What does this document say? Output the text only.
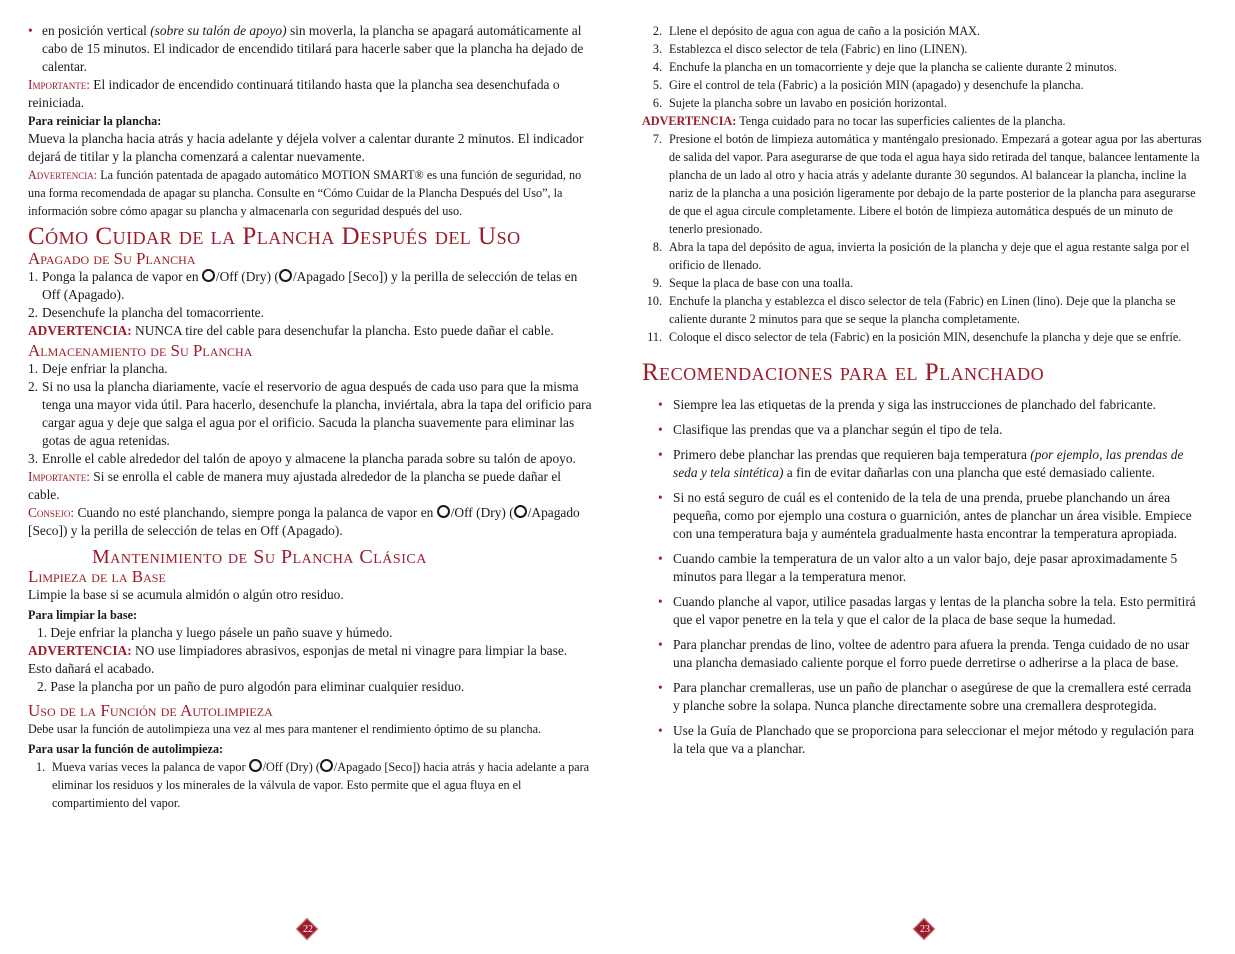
• en posición vertical (sobre su talón de apoyo) sin moverla, la plancha se apagará automáticamente al cabo de 15 minutos. El indicador de encendido titilará para hacerle saber que la plancha ha dejado de calentar.

Importante: El indicador de encendido continuará titilando hasta que la plancha sea desenchufada o reiniciada.

Para reiniciar la plancha:

Mueva la plancha hacia atrás y hacia adelante y déjela volver a calentar durante 2 minutos. El indicador dejará de titilar y la plancha comenzará a calentar nuevamente.

Advertencia: La función patentada de apagado automático MOTION SMART® es una función de seguridad, no una forma recomendada de apagar su plancha. Consulte en “Cómo Cuidar de la Plancha Después del Uso”, la información sobre cómo apagar su plancha y almacenarla con seguridad después del uso.

Cómo Cuidar de la Plancha Después del Uso

Apagado de Su Plancha

1. Ponga la palanca de vapor en /Off (Dry) ( /Apagado [Seco]) y la perilla de selección de telas en Off (Apagado).

2. Desenchufe la plancha del tomacorriente.

ADVERTENCIA: NUNCA tire del cable para desenchufar la plancha. Esto puede dañar el cable.

Almacenamiento de Su Plancha

1. Deje enfriar la plancha.

2. Si no usa la plancha diariamente, vacíe el reservorio de agua después de cada uso para que la misma tenga una mayor vida útil. Para hacerlo, desenchufe la plancha, inviértala, abra la tapa del orificio para cargar agua y deje que salga el agua por el orificio. Sacuda la plancha suavemente para eliminar las gotas de agua retenidas.

3. Enrolle el cable alrededor del talón de apoyo y almacene la plancha parada sobre su talón de apoyo.

Importante: Si se enrolla el cable de manera muy ajustada alrededor de la plancha se puede dañar el cable.

Consejo: Cuando no esté planchando, siempre ponga la palanca de vapor en /Off (Dry) ( /Apagado [Seco]) y la perilla de selección de telas en Off (Apagado).

Mantenimiento de Su Plancha Clásica

Limpieza de la Base

Limpie la base si se acumula almidón o algún otro residuo.

Para limpiar la base:

1. Deje enfriar la plancha y luego pásele un paño suave y húmedo.

ADVERTENCIA: NO use limpiadores abrasivos, esponjas de metal ni vinagre para limpiar la base. Esto dañará el acabado.

2. Pase la plancha por un paño de puro algodón para eliminar cualquier residuo.

Uso de la Función de Autolimpieza

Debe usar la función de autolimpieza una vez al mes para mantener el rendimiento óptimo de su plancha.

Para usar la función de autolimpieza:

1. Mueva varias veces la palanca de vapor /Off (Dry) ( /Apagado [Seco]) hacia atrás y hacia adelante a para eliminar los residuos y los minerales de la válvula de vapor. Esto permite que el agua fluya en el compartimiento del vapor.

22

2. Llene el depósito de agua con agua de caño a la posición MAX.

3. Establezca el disco selector de tela (Fabric) en lino (LINEN).

4. Enchufe la plancha en un tomacorriente y deje que la plancha se caliente durante 2 minutos.

5. Gire el control de tela (Fabric) a la posición MIN (apagado) y desenchufe la plancha.

6. Sujete la plancha sobre un lavabo en posición horizontal.

ADVERTENCIA: Tenga cuidado para no tocar las superficies calientes de la plancha.

7. Presione el botón de limpieza automática y manténgalo presionado. Empezará a gotear agua por las aberturas de salida del vapor. Para asegurarse de que toda el agua haya sido retirada del tanque, balancee lentamente la plancha de un lado al otro y hacia atrás y adelante durante 30 segundos. Al balancear la plancha, incline la nariz de la plancha a una posición ligeramente por debajo de la parte posterior de la plancha para asegurarse de que el agua circule completamente. Libere el botón de limpieza automática después de un minuto de tenerlo presionado.

8. Abra la tapa del depósito de agua, invierta la posición de la plancha y deje que el agua restante salga por el orificio de llenado.

9. Seque la placa de base con una toalla.

10. Enchufe la plancha y establezca el disco selector de tela (Fabric) en Linen (lino). Deje que la plancha se caliente durante 2 minutos para que se seque la plancha completamente.

11. Coloque el disco selector de tela (Fabric) en la posición MIN, desenchufe la plancha y deje que se enfríe.

Recomendaciones para el Planchado

• Siempre lea las etiquetas de la prenda y siga las instrucciones de planchado del fabricante.

• Clasifique las prendas que va a planchar según el tipo de tela.

• Primero debe planchar las prendas que requieren baja temperatura (por ejemplo, las prendas de seda y tela sintética) a fin de evitar dañarlas con una plancha que esté demasiado caliente.

• Si no está seguro de cuál es el contenido de la tela de una prenda, pruebe planchando un área pequeña, como por ejemplo una costura o guarnición, antes de planchar un área visible. Empiece con una temperatura baja y auméntela gradualmente hasta encontrar la temperatura apropiada.

• Cuando cambie la temperatura de un valor alto a un valor bajo, deje pasar aproximadamente 5 minutos para llegar a la temperatura menor.

• Cuando planche al vapor, utilice pasadas largas y lentas de la plancha sobre la tela. Esto permitirá que el vapor penetre en la tela y que el calor de la placa de base seque la humedad.

• Para planchar prendas de lino, voltee de adentro para afuera la prenda. Tenga cuidado de no usar una plancha demasiado caliente porque el forro puede derretirse o adherirse a la placa de base.

• Para planchar cremalleras, use un paño de planchar o asegúrese de que la cremallera esté cerrada y planche sobre la solapa. Nunca planche directamente sobre una cremallera desprotegida.

• Use la Guía de Planchado que se proporciona para seleccionar el mejor método y regulación para la tela que va a planchar.

23
